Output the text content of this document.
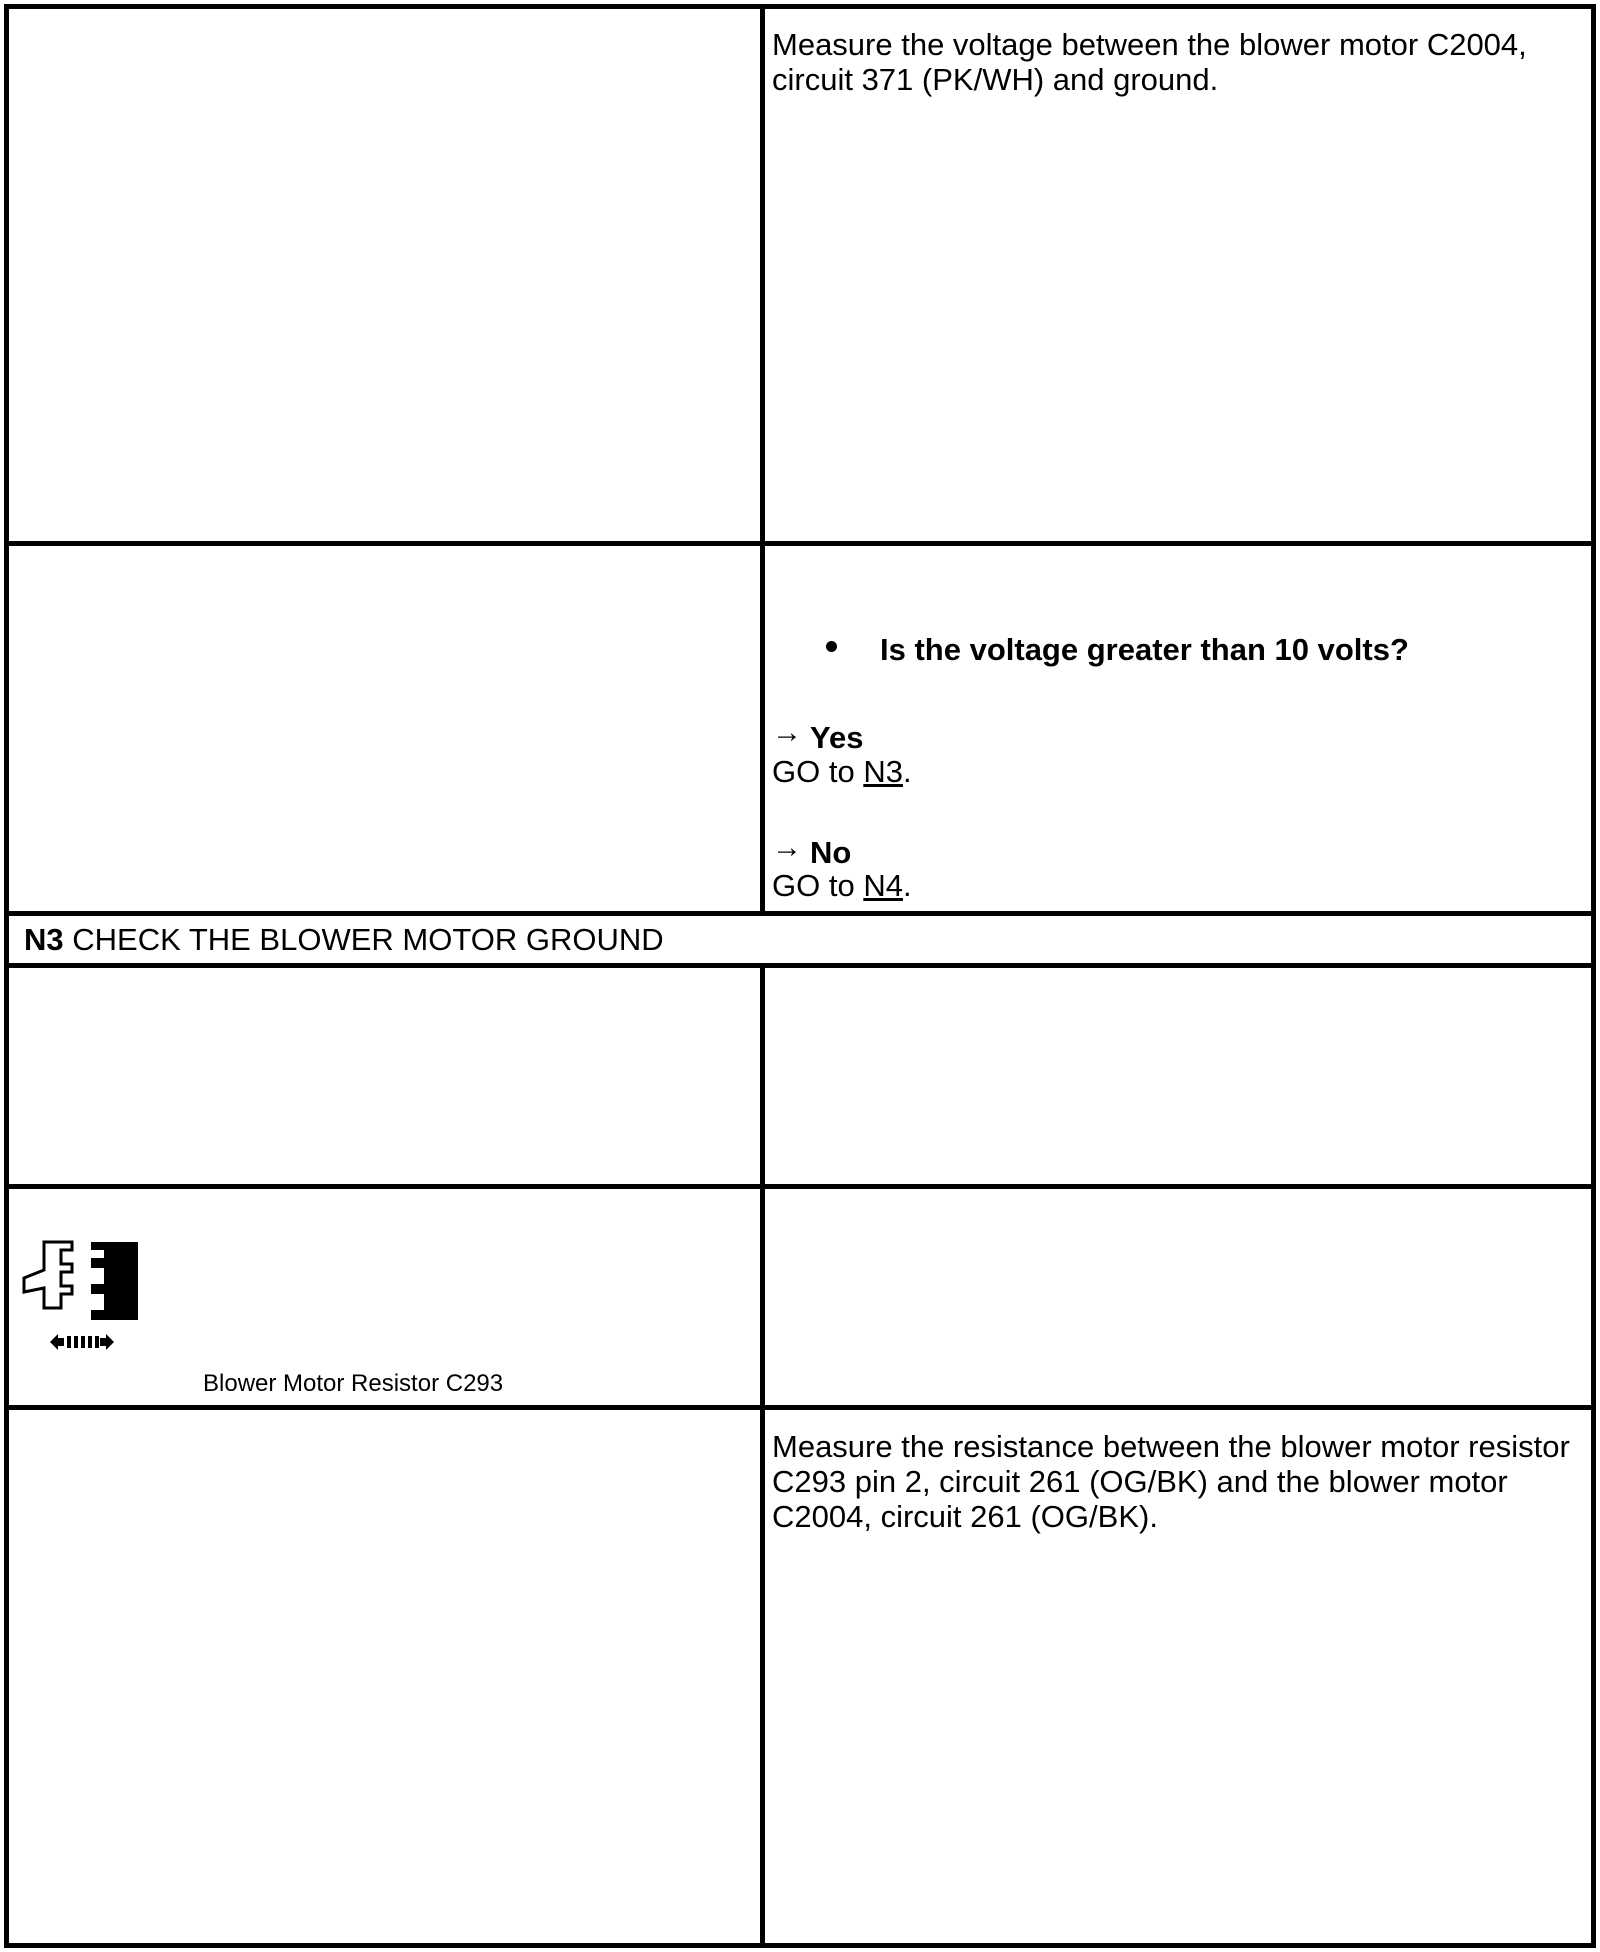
Measure the voltage between the blower motor C2004,
circuit 371 (PK/WH) and ground.
Is the voltage greater than 10 volts?
→ Yes
GO to N3.
→ No
GO to N4.
N3 CHECK THE BLOWER MOTOR GROUND
Blower Motor Resistor C293
Measure the resistance between the blower motor resistor
C293 pin 2, circuit 261 (OG/BK) and the blower motor
C2004, circuit 261 (OG/BK).
